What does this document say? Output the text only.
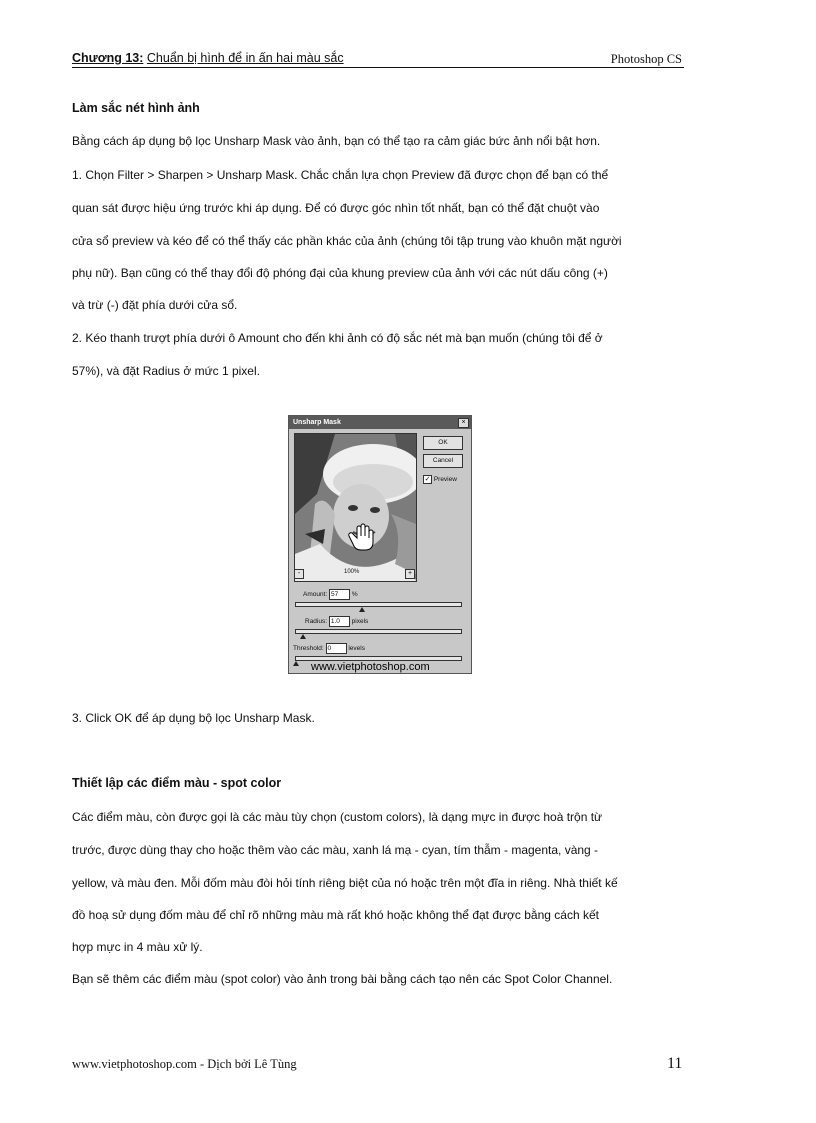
Chương 13: Chuẩn bị hình để in ấn hai màu sắc	Photoshop CS
Làm sắc nét hình ảnh
Bằng cách áp dụng bộ lọc Unsharp Mask vào ảnh, bạn có thể tạo ra cảm giác bức ảnh nổi bật hơn.
1. Chọn Filter > Sharpen > Unsharp Mask. Chắc chắn lựa chọn Preview đã được chọn để bạn có thể
quan sát được hiệu ứng trước khi áp dụng. Để có được góc nhìn tốt nhất, bạn có thể đặt chuột vào
cửa sổ preview và kéo để có thể thấy các phần khác của ảnh (chúng tôi tập trung vào khuôn mặt người
phụ nữ). Bạn cũng có thể thay đổi độ phóng đại của khung preview của ảnh với các nút dấu công (+)
và trừ (-) đặt phía dưới cửa sổ.
2. Kéo thanh trượt phía dưới ô Amount cho đến khi ảnh có độ sắc nét mà bạn muốn (chúng tôi để ở
57%), và đặt Radius ở mức 1 pixel.
Unsharp Mask	×
OK
Cancel
✓ Preview
-	100%	+
Amount: 57 %
Radius: 1.0 pixels
Threshold: 0	levels
www.vietphotoshop.com
3. Click OK để áp dụng bộ lọc Unsharp Mask.
Thiết lập các điểm màu - spot color
Các điểm màu, còn được gọi là các màu tùy chọn (custom colors), là dạng mực in được hoà trộn từ
trước, được dùng thay cho hoặc thêm vào các màu, xanh lá mạ - cyan, tím thẫm - magenta, vàng -
yellow, và màu đen. Mỗi đốm màu đòi hỏi tính riêng biệt của nó hoặc trên một đĩa in riêng. Nhà thiết kế
đồ hoạ sử dụng đốm màu để chỉ rõ những màu mà rất khó hoặc không thể đạt được bằng cách kết
hợp mực in 4 màu xử lý.
Bạn sẽ thêm các điểm màu (spot color) vào ảnh trong bài bằng cách tạo nên các Spot Color Channel.
www.vietphotoshop.com - Dịch bởi Lê Tùng	11
